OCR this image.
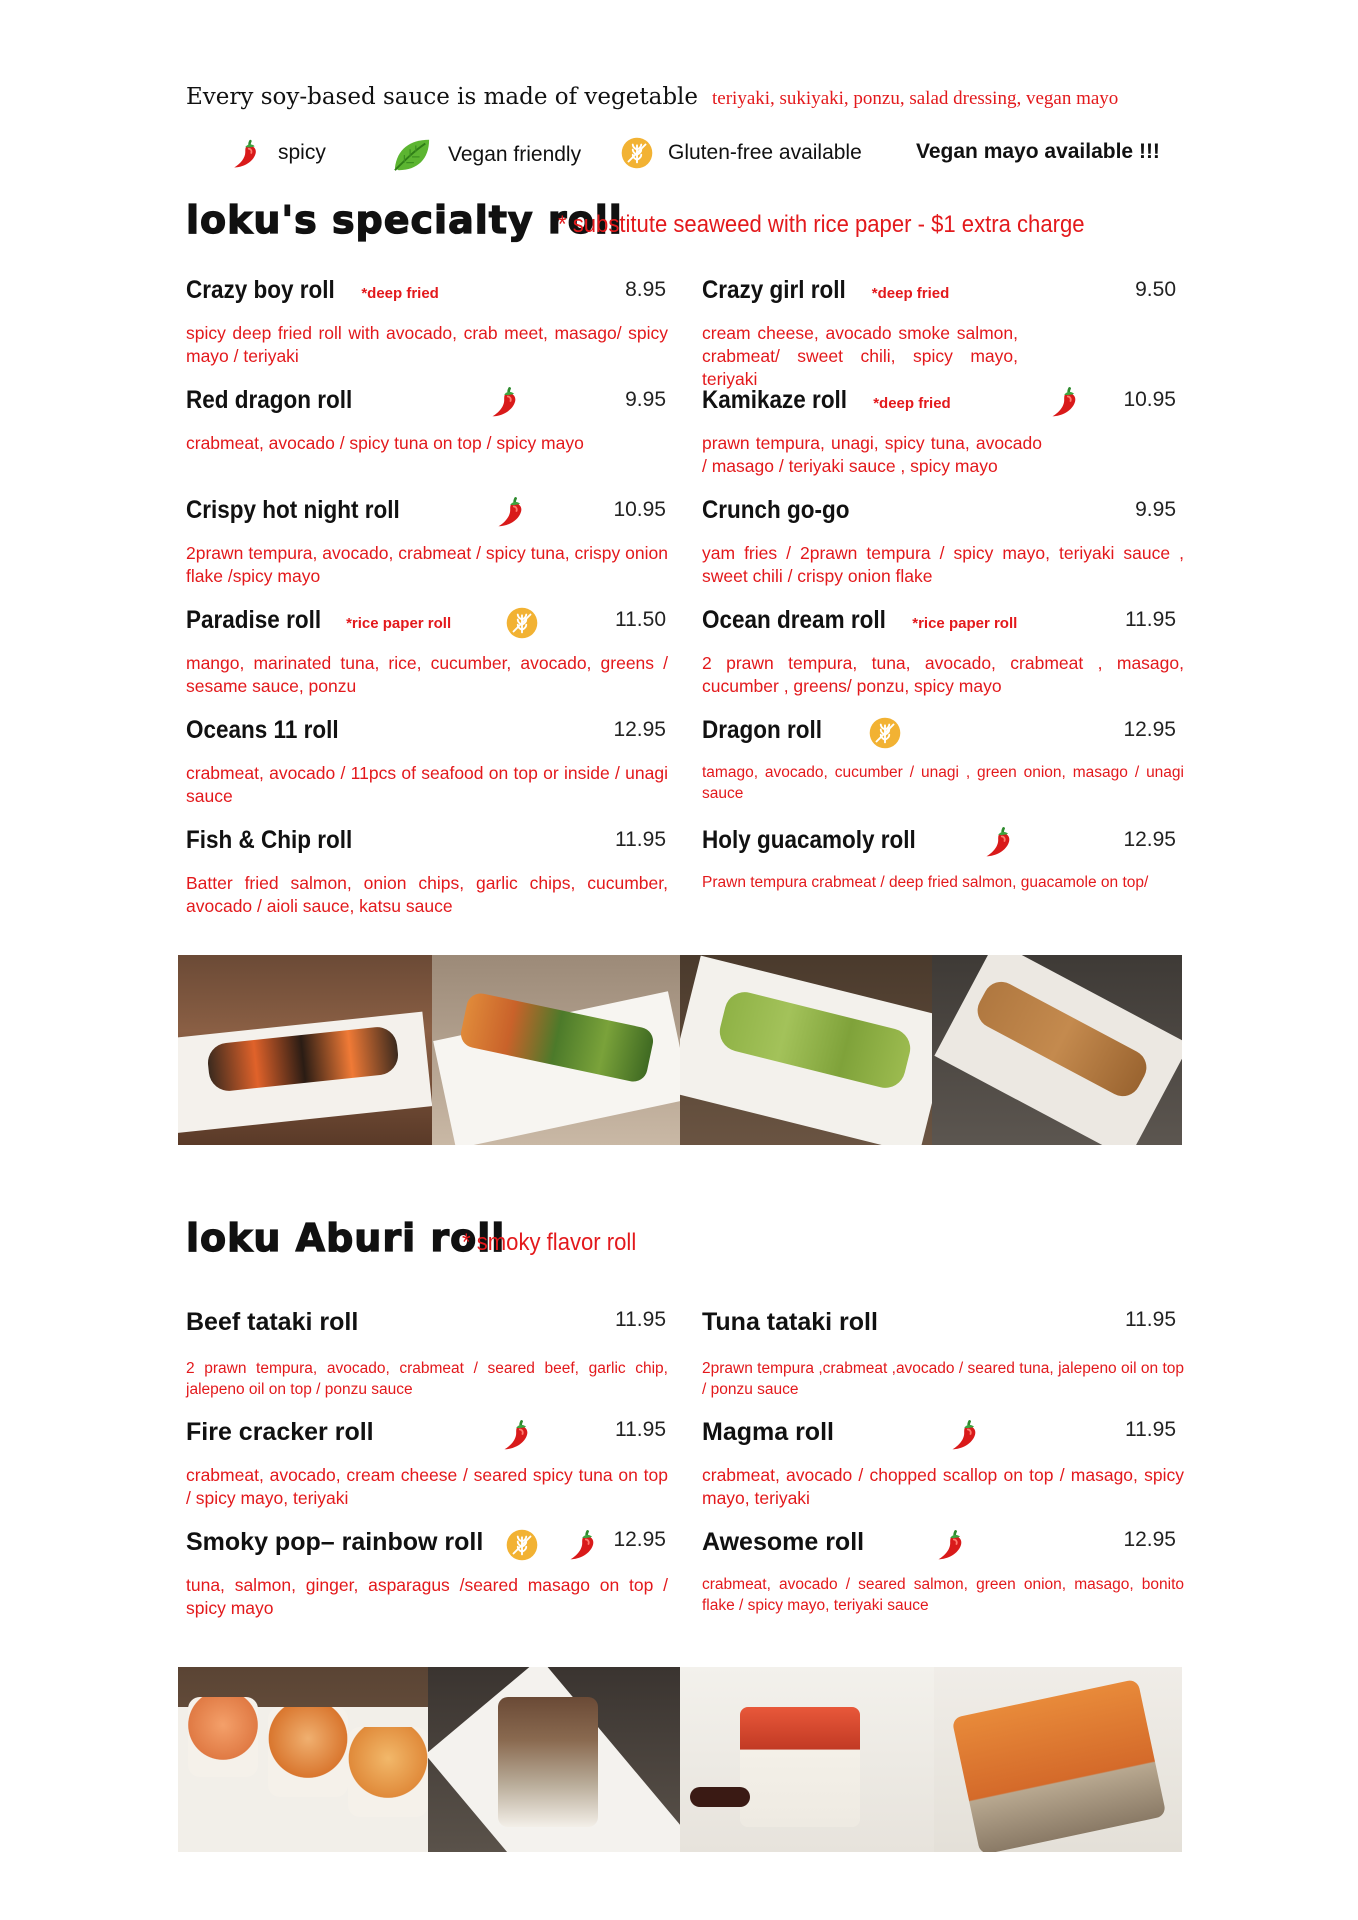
Every soy-based sauce is made of vegetable teriyaki, sukiyaki, ponzu, salad dressing, vegan mayo
spicy	Vegan friendly	Gluten-free available	Vegan mayo available !!!
loku's specialty roll
* substitute seaweed with rice paper - $1 extra charge
Crazy boy roll *deep fried	8.95
spicy deep fried roll with avocado, crab meet, masago/ spicy mayo / teriyaki
Crazy girl roll *deep fried	9.50
cream cheese, avocado smoke salmon, crabmeat/ sweet chili, spicy mayo, teriyaki
Red dragon roll	9.95
crabmeat, avocado / spicy tuna on top / spicy mayo
Kamikaze roll *deep fried	10.95
prawn tempura, unagi, spicy tuna, avocado / masago / teriyaki sauce , spicy mayo
Crispy hot night roll	10.95
2prawn tempura, avocado, crabmeat / spicy tuna, crispy onion flake /spicy mayo
Crunch go-go	9.95
yam fries / 2prawn tempura / spicy mayo, teriyaki sauce , sweet chili / crispy onion flake
Paradise roll *rice paper roll	11.50
mango, marinated tuna, rice, cucumber, avocado, greens / sesame sauce, ponzu
Ocean dream roll *rice paper roll	11.95
2 prawn tempura, tuna, avocado, crabmeat , masago, cucumber , greens/ ponzu, spicy mayo
Oceans 11 roll	12.95
crabmeat, avocado / 11pcs of seafood on top or inside / unagi sauce
Dragon roll	12.95
tamago, avocado, cucumber / unagi , green onion, masago / unagi sauce
Fish & Chip roll	11.95
Batter fried salmon, onion chips, garlic chips, cucumber, avocado / aioli sauce, katsu sauce
Holy guacamoly roll	12.95
Prawn tempura crabmeat / deep fried salmon, guacamole on top/
loku Aburi roll
* smoky flavor roll
Beef tataki roll	11.95
2 prawn tempura, avocado, crabmeat / seared beef, garlic chip, jalepeno oil on top / ponzu sauce
Tuna tataki roll	11.95
2prawn tempura ,crabmeat ,avocado / seared tuna, jalepeno oil on top / ponzu sauce
Fire cracker roll	11.95
crabmeat, avocado, cream cheese / seared spicy tuna on top / spicy mayo, teriyaki
Magma roll	11.95
crabmeat, avocado / chopped scallop on top / masago, spicy mayo, teriyaki
Smoky pop– rainbow roll	12.95
tuna, salmon, ginger, asparagus /seared masago on top / spicy mayo
Awesome roll	12.95
crabmeat, avocado / seared salmon, green onion, masago, bonito flake / spicy mayo, teriyaki sauce
